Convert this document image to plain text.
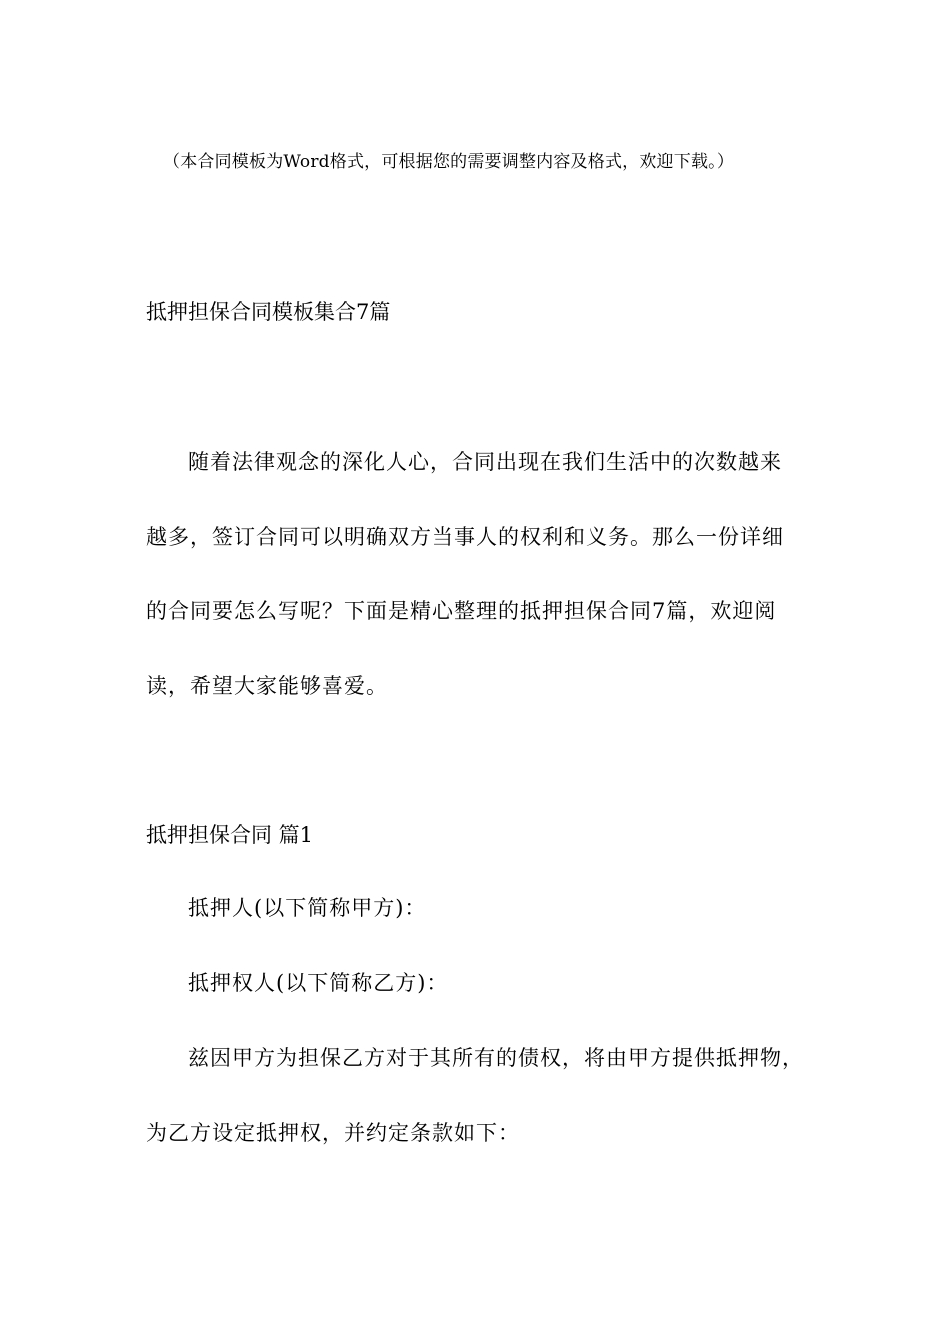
（本合同模板为Word格式，可根据您的需要调整内容及格式，欢迎下载。）
抵押担保合同模板集合7篇
随着法律观念的深化人心，合同出现在我们生活中的次数越来
越多，签订合同可以明确双方当事人的权利和义务。那么一份详细
的合同要怎么写呢？下面是精心整理的抵押担保合同7篇，欢迎阅
读，希望大家能够喜爱。
抵押担保合同 篇1
抵押人(以下简称甲方)：
抵押权人(以下简称乙方)：
兹因甲方为担保乙方对于其所有的债权，将由甲方提供抵押物，
为乙方设定抵押权，并约定条款如下：
